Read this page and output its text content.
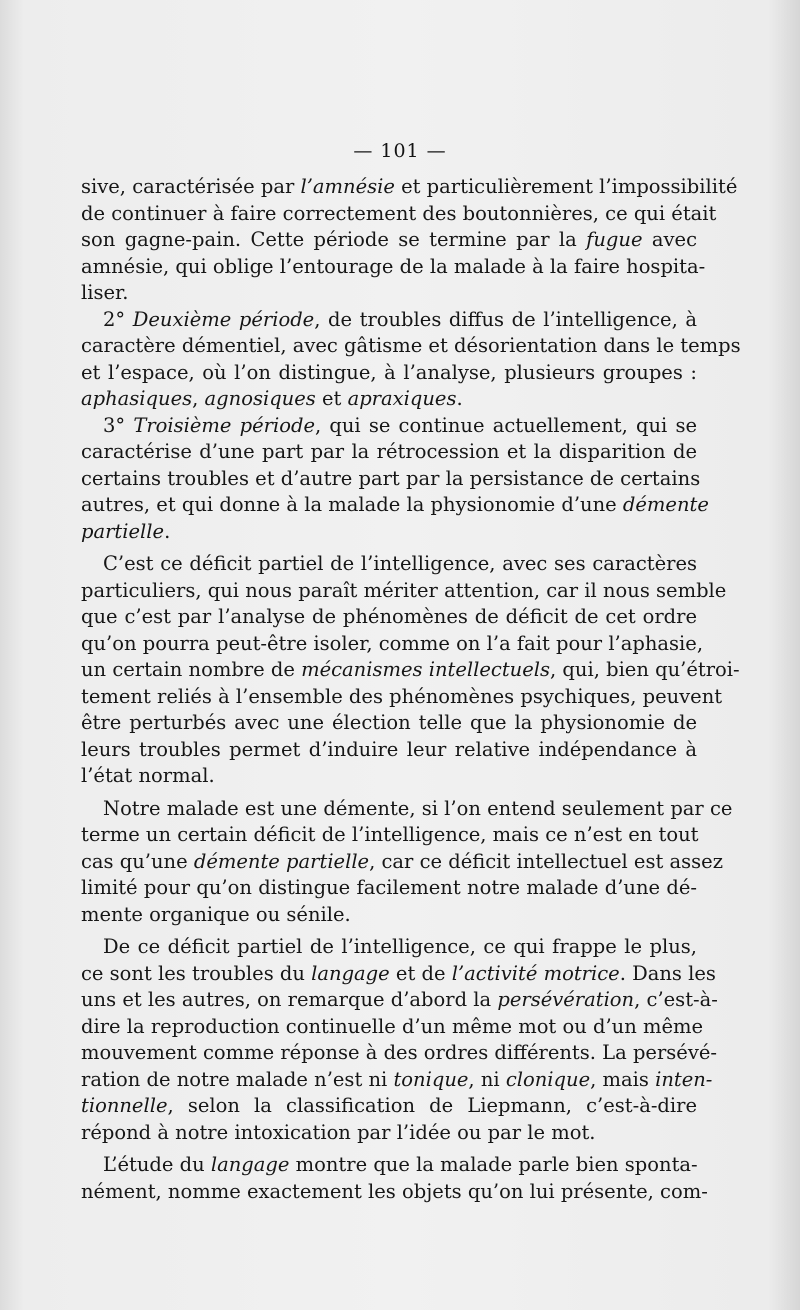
— 101 —
sive, caractérisée par l’amnésie et particulièrement l’impossibilité
de continuer à faire correctement des boutonnières, ce qui était
son gagne-pain. Cette période se termine par la fugue avec
amnésie, qui oblige l’entourage de la malade à la faire hospita-
liser.
2° Deuxième période, de troubles diffus de l’intelligence, à
caractère démentiel, avec gâtisme et désorientation dans le temps
et l’espace, où l’on distingue, à l’analyse, plusieurs groupes :
aphasiques, agnosiques et apraxiques.
3° Troisième période, qui se continue actuellement, qui se
caractérise d’une part par la rétrocession et la disparition de
certains troubles et d’autre part par la persistance de certains
autres, et qui donne à la malade la physionomie d’une démente
partielle.
C’est ce déficit partiel de l’intelligence, avec ses caractères
particuliers, qui nous paraît mériter attention, car il nous semble
que c’est par l’analyse de phénomènes de déficit de cet ordre
qu’on pourra peut-être isoler, comme on l’a fait pour l’aphasie,
un certain nombre de mécanismes intellectuels, qui, bien qu’étroi-
tement reliés à l’ensemble des phénomènes psychiques, peuvent
être perturbés avec une élection telle que la physionomie de
leurs troubles permet d’induire leur relative indépendance à
l’état normal.
Notre malade est une démente, si l’on entend seulement par ce
terme un certain déficit de l’intelligence, mais ce n’est en tout
cas qu’une démente partielle, car ce déficit intellectuel est assez
limité pour qu’on distingue facilement notre malade d’une dé-
mente organique ou sénile.
De ce déficit partiel de l’intelligence, ce qui frappe le plus,
ce sont les troubles du langage et de l’activité motrice. Dans les
uns et les autres, on remarque d’abord la persévération, c’est-à-
dire la reproduction continuelle d’un même mot ou d’un même
mouvement comme réponse à des ordres différents. La persévé-
ration de notre malade n’est ni tonique, ni clonique, mais inten-
tionnelle, selon la classification de Liepmann, c’est-à-dire
répond à notre intoxication par l’idée ou par le mot.
L’étude du langage montre que la malade parle bien sponta-
nément, nomme exactement les objets qu’on lui présente, com-
